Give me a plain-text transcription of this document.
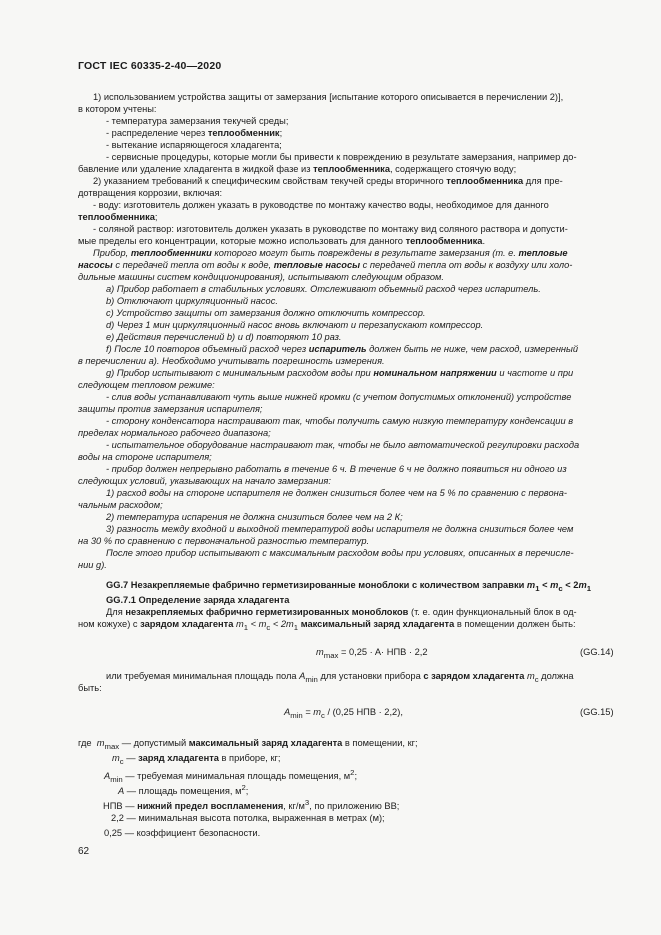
ГОСТ IEC 60335-2-40—2020
1) использованием устройства защиты от замерзания [испытание которого описывается в перечислении 2)],
в котором учтены:
- температура замерзания текучей среды;
- распределение через теплообменник;
- вытекание испаряющегося хладагента;
- сервисные процедуры, которые могли бы привести к повреждению в результате замерзания, например до-
бавление или удаление хладагента в жидкой фазе из теплообменника, содержащего стоячую воду;
2) указанием требований к специфическим свойствам текучей среды вторичного теплообменника для пре-
дотвращения коррозии, включая:
- воду: изготовитель должен указать в руководстве по монтажу качество воды, необходимое для данного
теплообменника;
- соляной раствор: изготовитель должен указать в руководстве по монтажу вид соляного раствора и допусти-
мые пределы его концентрации, которые можно использовать для данного теплообменника.
Прибор, теплообменники которого могут быть повреждены в результате замерзания (т. е. тепловые
насосы с передачей тепла от воды к воде, тепловые насосы с передачей тепла от воды к воздуху или холо-
дильные машины систем кондиционирования), испытывают следующим образом.
a) Прибор работает в стабильных условиях. Отслеживают объемный расход через испаритель.
b) Отключают циркуляционный насос.
c) Устройство защиты от замерзания должно отключить компрессор.
d) Через 1 мин циркуляционный насос вновь включают и перезапускают компрессор.
e) Действия перечислений b) и d) повторяют 10 раз.
f) После 10 повторов объемный расход через испаритель должен быть не ниже, чем расход, измеренный
в перечислении a). Необходимо учитывать погрешность измерения.
g) Прибор испытывают с минимальным расходом воды при номинальном напряжении и частоте и при
следующем тепловом режиме:
- слив воды устанавливают чуть выше нижней кромки (с учетом допустимых отклонений) устройстве
защиты против замерзания испарителя;
- сторону конденсатора настраивают так, чтобы получить самую низкую температуру конденсации в
пределах нормального рабочего диапазона;
- испытательное оборудование настраивают так, чтобы не было автоматической регулировки расхода
воды на стороне испарителя;
- прибор должен непрерывно работать в течение 6 ч. В течение 6 ч не должно появиться ни одного из
следующих условий, указывающих на начало замерзания:
1) расход воды на стороне испарителя не должен снизиться более чем на 5 % по сравнению с первона-
чальным расходом;
2) температура испарения не должна снизиться более чем на 2 К;
3) разность между входной и выходной температурой воды испарителя не должна снизиться более чем
на 30 % по сравнению с первоначальной разностью температур.
После этого прибор испытывают с максимальным расходом воды при условиях, описанных в перечисле-
нии g).
GG.7 Незакрепляемые фабрично герметизированные моноблоки с количеством заправки $m_1 < m_c < 2m_1$
GG.7.1 Определение заряда хладагента
Для незакрепляемых фабрично герметизированных моноблоков (т. е. один функциональный блок в од-
ном кожухе) с зарядом хладагента $m_1 < m_c < 2m_1$ максимальный заряд хладагента в помещении должен быть:
$m_{max} = 0,25 \cdot A\cdot$ НПВ · 2,2	(GG.14)
или требуемая минимальная площадь пола $A_{min}$ для установки прибора с зарядом хладагента $m_c$ должна
быть:
$A_{min} = m_c / (0,25$ НПВ · 2,2),	(GG.15)
где $m_{max}$ — допустимый максимальный заряд хладагента в помещении, кг;
$m_c$ — заряд хладагента в приборе, кг;
$A_{min}$ — требуемая минимальная площадь помещения, $м^2$;
A — площадь помещения, $м^2$;
НПВ — нижний предел воспламенения, $кг/м^3$, по приложению BB;
2,2 — минимальная высота потолка, выраженная в метрах (м);
0,25 — коэффициент безопасности.
62
